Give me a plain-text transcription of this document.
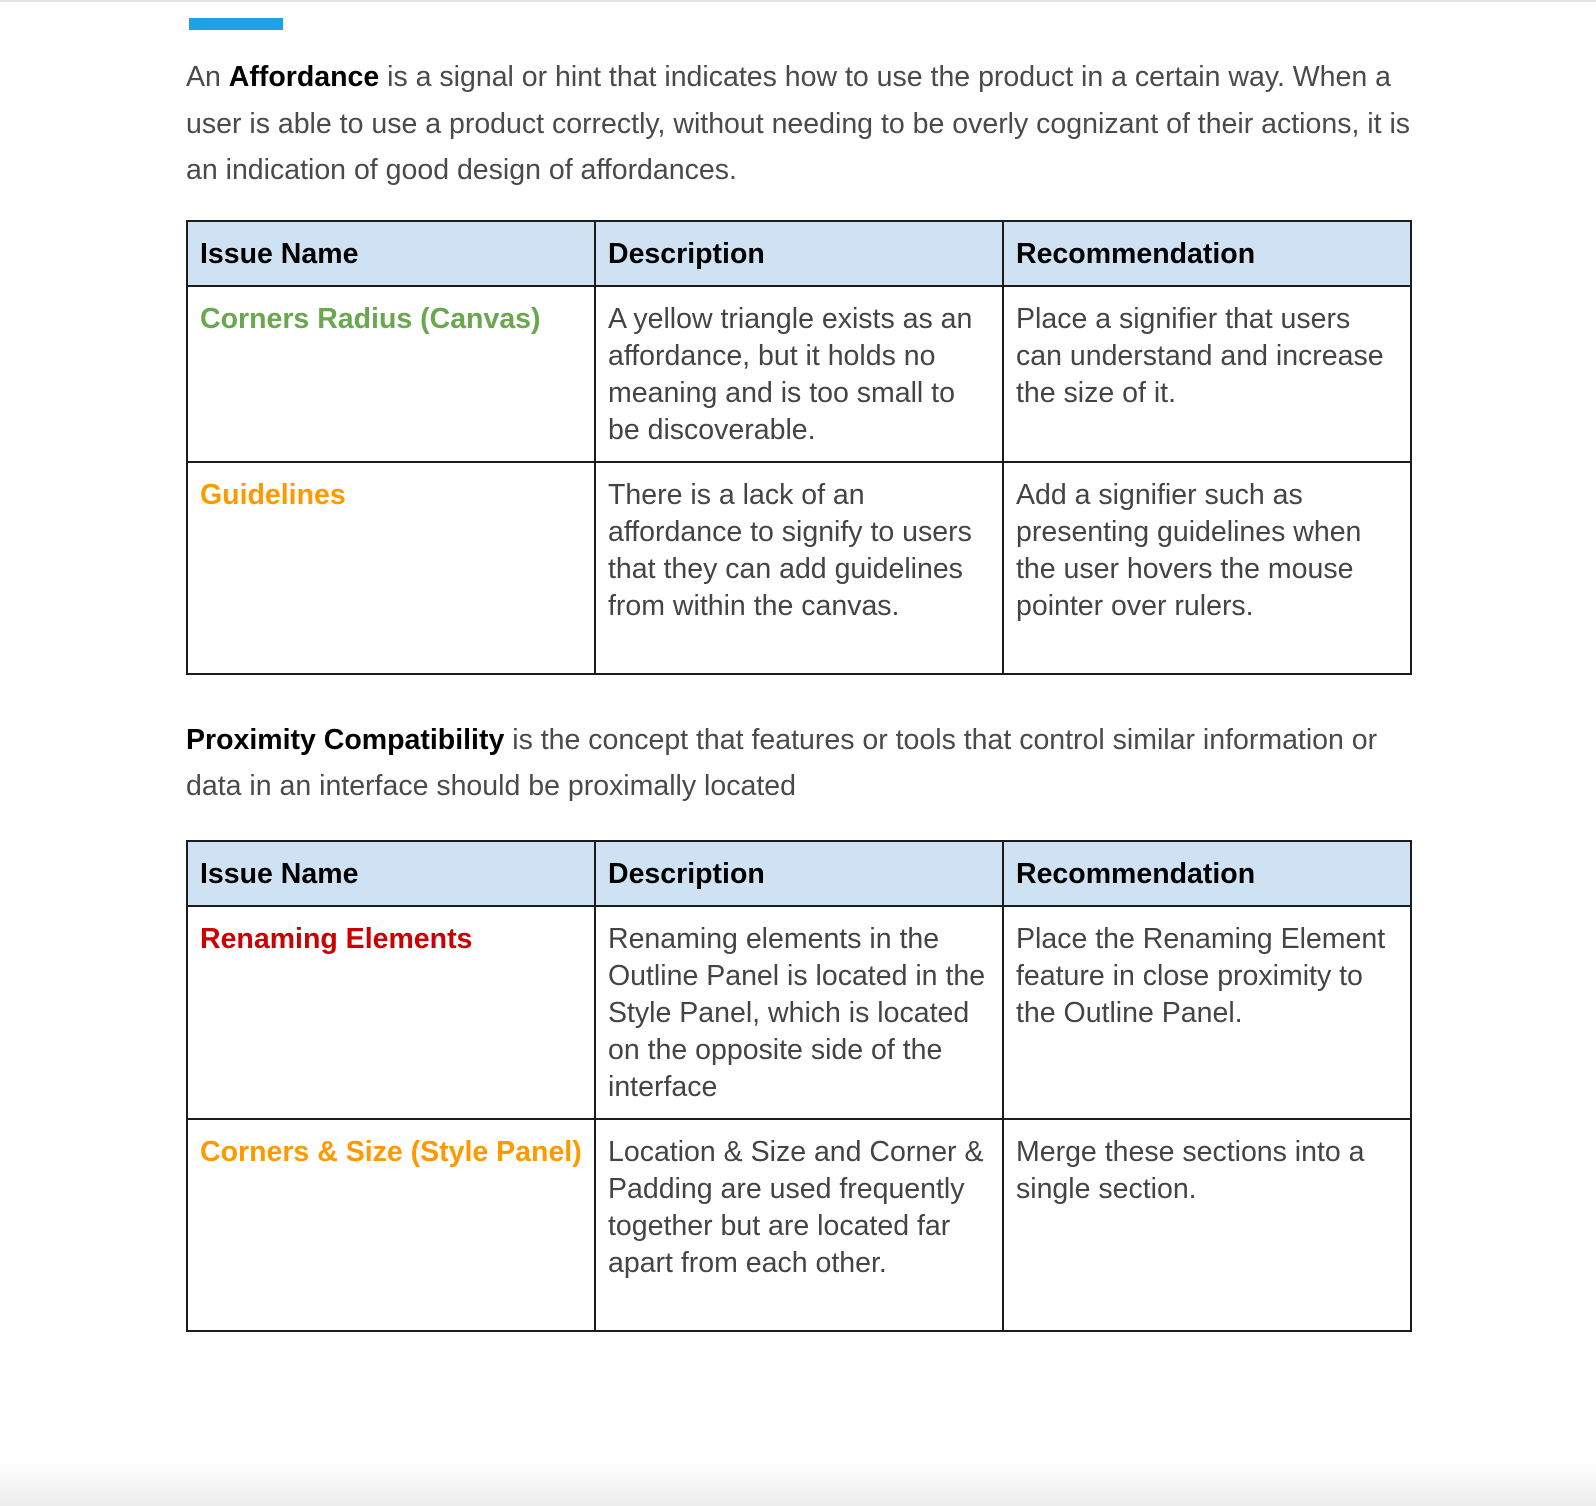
An Affordance is a signal or hint that indicates how to use the product in a certain way. When a user is able to use a product correctly, without needing to be overly cognizant of their actions, it is an indication of good design of affordances.

Issue Name	Description	Recommendation
Corners Radius (Canvas)	A yellow triangle exists as an affordance, but it holds no meaning and is too small to be discoverable.	Place a signifier that users can understand and increase the size of it.
Guidelines	There is a lack of an affordance to signify to users that they can add guidelines from within the canvas.	Add a signifier such as presenting guidelines when the user hovers the mouse pointer over rulers.

Proximity Compatibility is the concept that features or tools that control similar information or data in an interface should be proximally located

Issue Name	Description	Recommendation
Renaming Elements	Renaming elements in the Outline Panel is located in the Style Panel, which is located on the opposite side of the interface	Place the Renaming Element feature in close proximity to the Outline Panel.
Corners & Size (Style Panel)	Location & Size and Corner & Padding are used frequently together but are located far apart from each other.	Merge these sections into a single section.
